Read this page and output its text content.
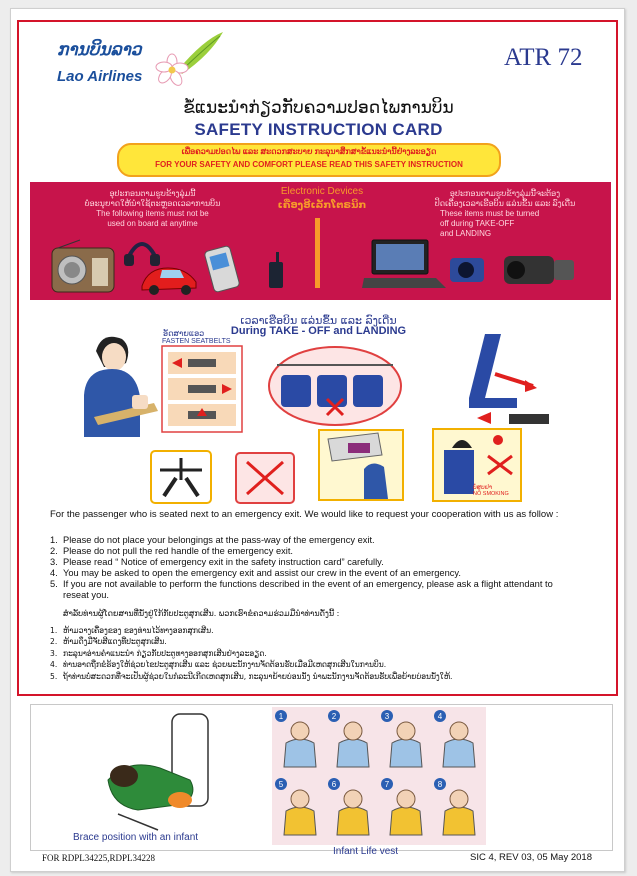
ການບິນລາວ
Lao Airlines
ATR 72
ຂໍ້ແນະນຳກ່ຽວກັບຄວາມປອດໄພການບິນ
SAFETY INSTRUCTION CARD
ເພື່ອຄວາມປອດໄພ ແລະ ສະດວກສະບາຍ ກະລຸນາສຶກສາຂໍ້ແນະນຳນີ້ຢ່າງລະອຽດ
FOR YOUR SAFETY AND COMFORT PLEASE READ THIS SAFETY INSTRUCTION
ອຸປະກອນຕາມຮູບຂ້າງລຸ່ມນີ້
ບໍ່ອະນຸຍາດໃຫ້ນຳໃຊ້ຕະຫຼອດເວລາການບິນ
The following items must not be
used on board at anytime
Electronic Devices
ເຄື່ອງອີເລັກໂຕຣນິກ
ອຸປະກອນຕາມຮູບຂ້າງລຸ່ມນີ້ຈະຕ້ອງ
ປິດເຄື່ອງເວລາເຮືອບິນ ແລ່ນຂຶ້ນ ແລະ ລົງເດີ່ນ
These items must be turned
off during TAKE-OFF
and LANDING
ເວລາເຮືອບິນ ແລ່ນຂຶ້ນ ແລະ ລົງເດີ່ນ
During TAKE - OFF and LANDING
ອັດສາຍແອວ
FASTEN SEATBELTS
ບໍ່ສູບຢາ
NO SMOKING
For the passenger who is seated next to an emergency exit. We would like to request your cooperation with us as follow :
1. Please do not place your belongings at the pass-way of the emergency exit.
2. Please do not pull the red handle of the emergency exit.
3. Please read “ Notice of emergency exit in the safety instruction card” carefully.
4. You may be asked to open the emergency exit and assist our crew in the event of an emergency.
5. If you are not available to perform the functions described in the event of an emergency, please ask a flight attendant to reseat you.
ສຳລັບທ່ານຜູ້ໂດຍສານທີ່ນັ່ງຢູ່ໃກ້ກັບປະຕູສຸກເສີນ. ພວກເຮົາຂໍຄວາມຮ່ວມມືນຳທ່ານດັ່ງນີ້ :
1. ຫ້າມວາງເຄື່ອງຂອງ ຂອງທ່ານໄວ້ທາງອອກສຸກເສີນ.
2. ຫ້າມດຶງມືຈັບສີແດງທີ່ປະຕູສຸກເສີນ.
3. ກະລຸນາອ່ານຄຳແນະນຳ ກ່ຽວກັບປະຕູທາງອອກສຸກເສີນຢ່າງລະອຽດ.
4. ທ່ານອາດຖືກຂໍຮ້ອງໃຫ້ຊ່ວຍໄຂປະຕູສຸກເສີນ ແລະ ຊ່ວຍພະນັກງານຈັດຕ້ອນຮັບເມື່ອມີເຫດສຸກເສີນໃນການບິນ.
5. ຖ້າທ່ານບໍ່ສະດວກທີ່ຈະເປັນຜູ້ຊ່ວຍໃນກໍລະນີເກີດເຫດສຸກເສີນ, ກະລຸນາຍ້າຍບ່ອນນັ່ງ ນຳພະນັກງານຈັດຕ້ອນຮັບເພື່ອຍ້າຍບ່ອນນັ່ງໃຫ້.
Brace position with an infant
1	2	3	4
5	6	7	8
Infant Life vest
FOR RDPL34225,RDPL34228	SIC 4, REV 03, 05 May 2018
